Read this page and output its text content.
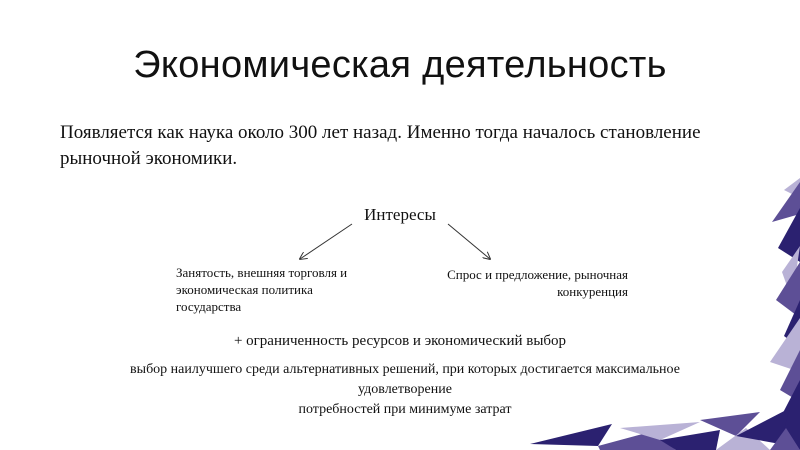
Экономическая деятельность
Появляется как наука около 300 лет назад. Именно тогда началось становление рыночной экономики.
Интересы
Занятость, внешняя торговля и экономическая политика государства
Спрос и предложение, рыночная конкуренция
+ ограниченность ресурсов и экономический выбор
выбор наилучшего среди альтернативных решений, при которых достигается максимальное
удовлетворение
потребностей при минимуме затрат
